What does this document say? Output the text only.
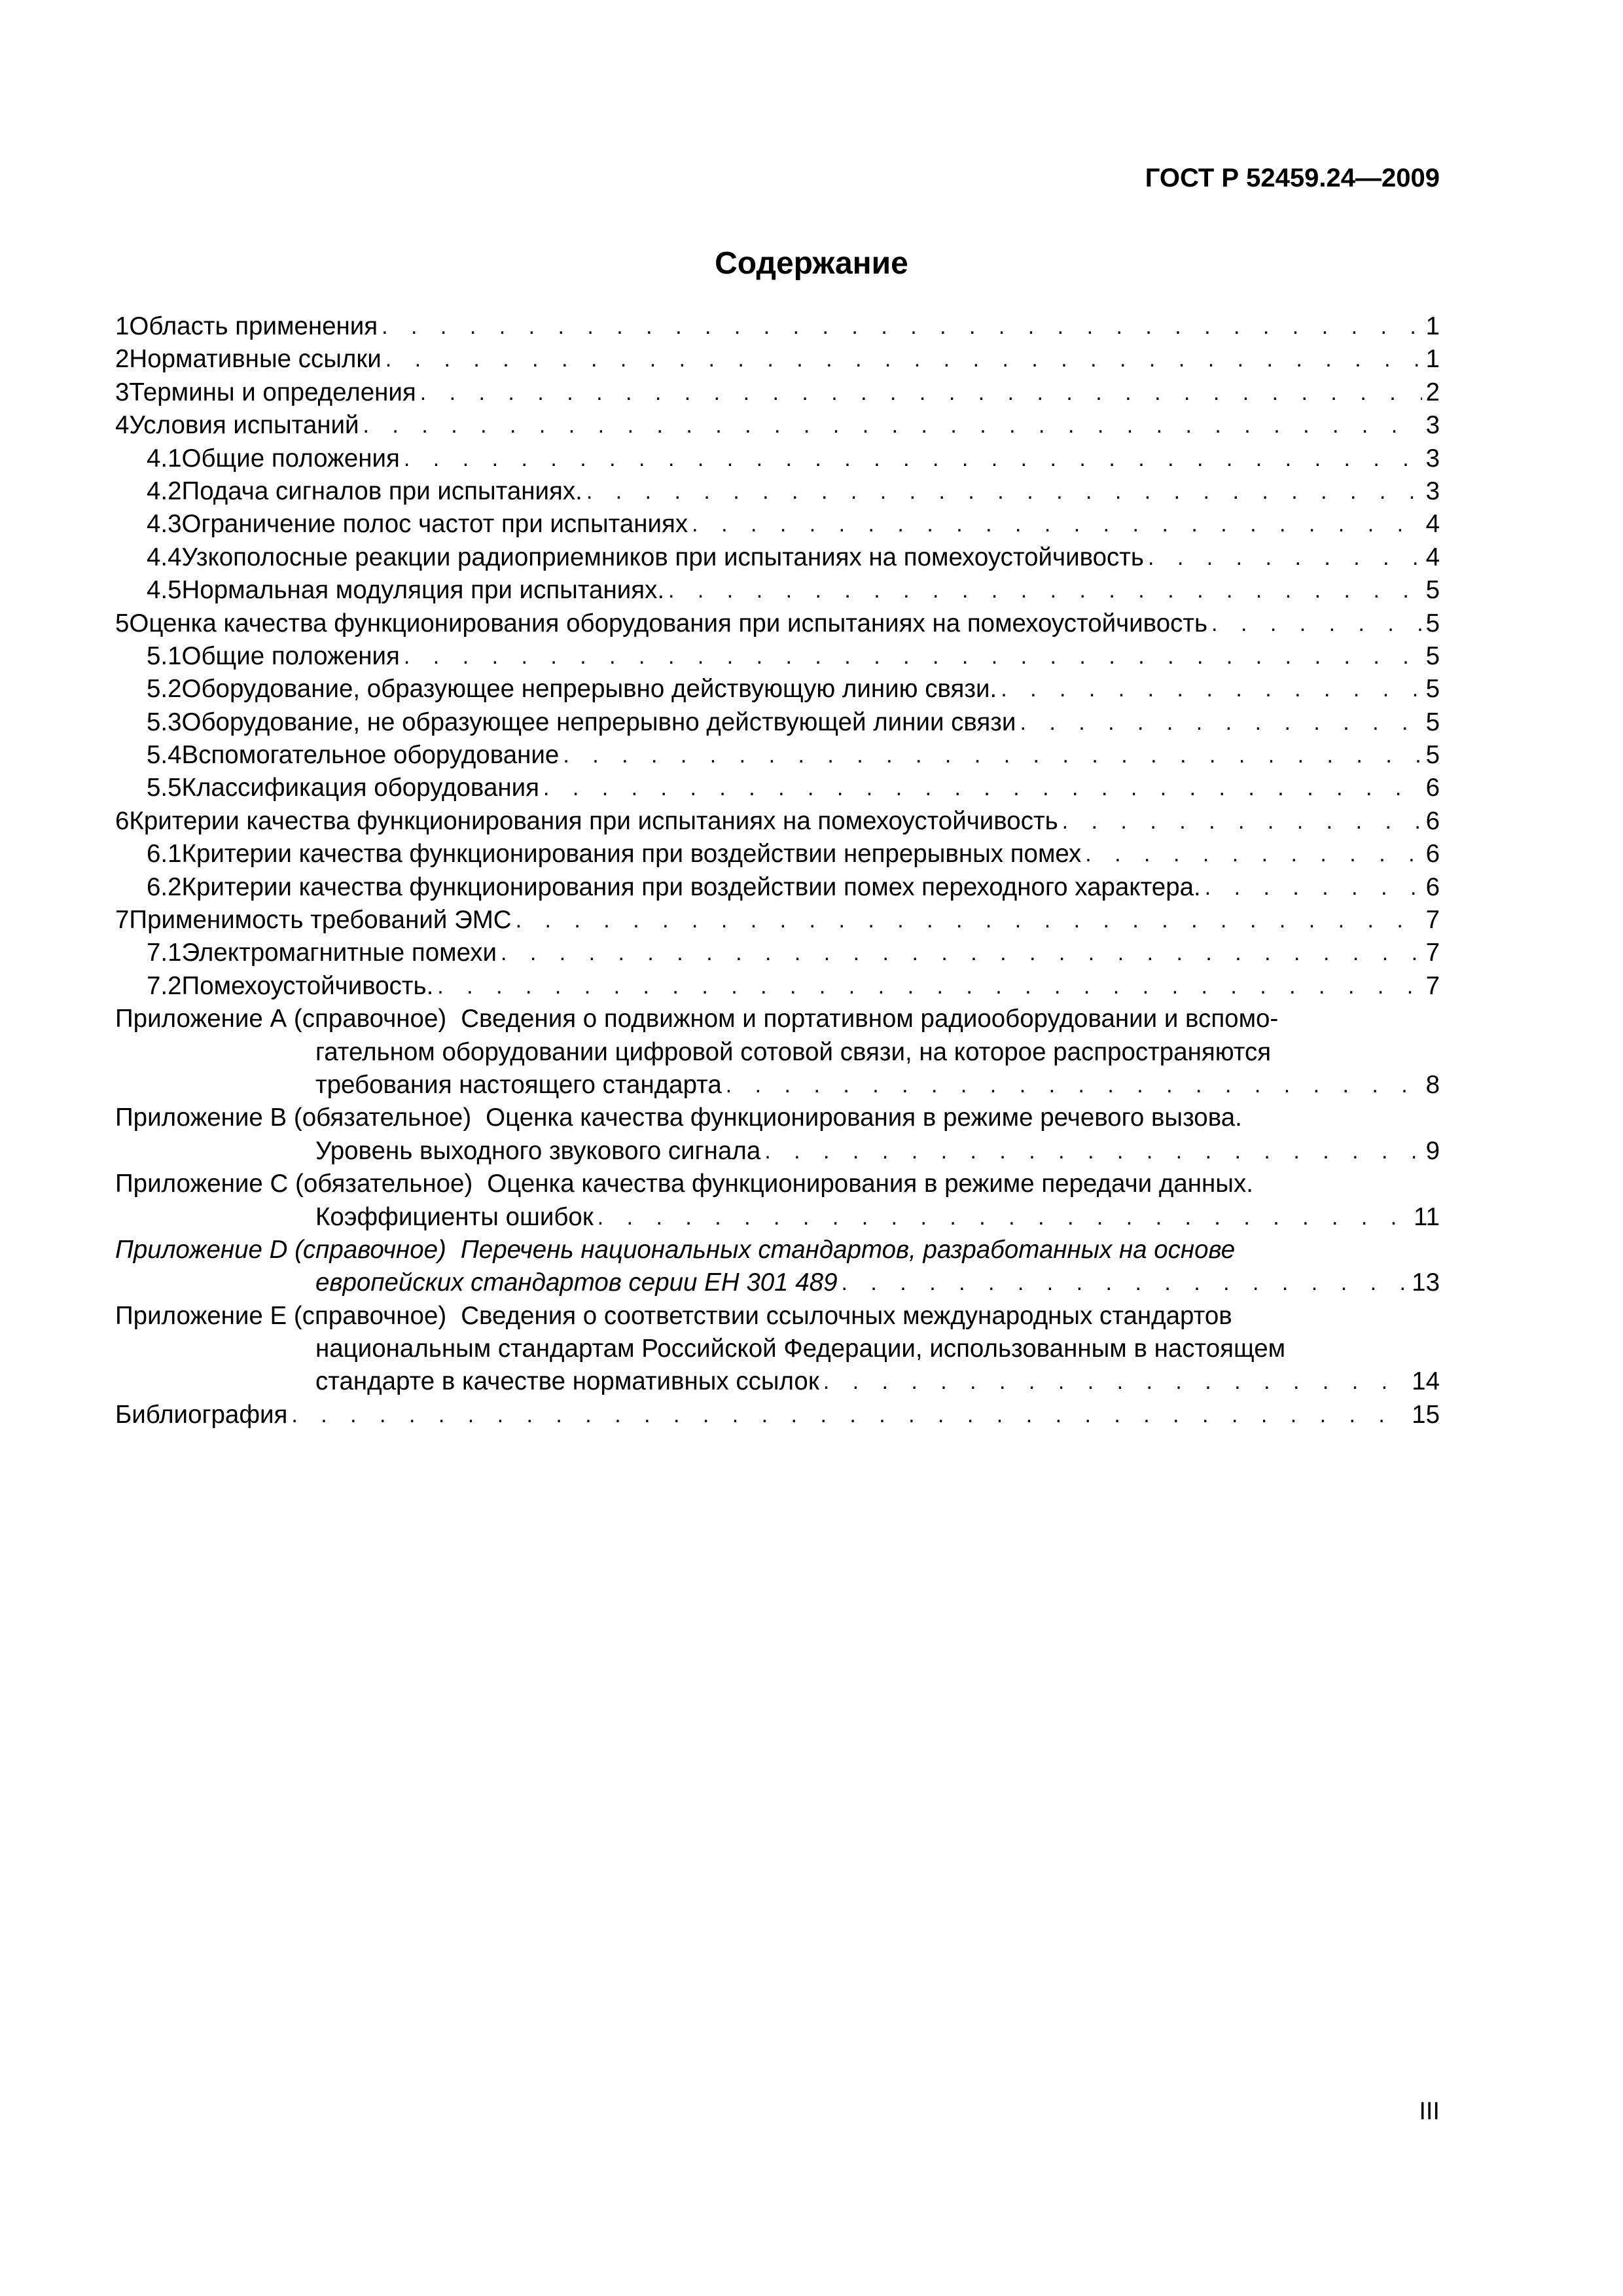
ГОСТ Р 52459.24—2009
Содержание
1 Область применения . . .	1
2 Нормативные ссылки . . .	1
3 Термины и определения . . .	2
4 Условия испытаний . . .	3
4.1 Общие положения . . .	3
4.2 Подача сигналов при испытаниях. . . .	3
4.3 Ограничение полос частот при испытаниях . . .	4
4.4 Узкополосные реакции радиоприемников при испытаниях на помехоустойчивость . . .	4
4.5 Нормальная модуляция при испытаниях. . . .	5
5 Оценка качества функционирования оборудования при испытаниях на помехоустойчивость . . .	5
5.1 Общие положения . . .	5
5.2 Оборудование, образующее непрерывно действующую линию связи. . . .	5
5.3 Оборудование, не образующее непрерывно действующей линии связи . . .	5
5.4 Вспомогательное оборудование . . .	5
5.5 Классификация оборудования . . .	6
6 Критерии качества функционирования при испытаниях на помехоустойчивость . . .	6
6.1 Критерии качества функционирования при воздействии непрерывных помех . . .	6
6.2 Критерии качества функционирования при воздействии помех переходного характера. . . .	6
7 Применимость требований ЭМС . . .	7
7.1 Электромагнитные помехи . . .	7
7.2 Помехоустойчивость. . . .	7
Приложение А (справочное) Сведения о подвижном и портативном радиооборудовании и вспомо-
гательном оборудовании цифровой сотовой связи, на которое распространяются
требования настоящего стандарта . . .	8
Приложение В (обязательное) Оценка качества функционирования в режиме речевого вызова.
Уровень выходного звукового сигнала . . .	9
Приложение С (обязательное) Оценка качества функционирования в режиме передачи данных.
Коэффициенты ошибок . . .	11
Приложение D (справочное) Перечень национальных стандартов, разработанных на основе
европейских стандартов серии ЕН 301 489 . . .	13
Приложение Е (справочное) Сведения о соответствии ссылочных международных стандартов
национальным стандартам Российской Федерации, использованным в настоящем
стандарте в качестве нормативных ссылок . . .	14
Библиография . . .	15
III
